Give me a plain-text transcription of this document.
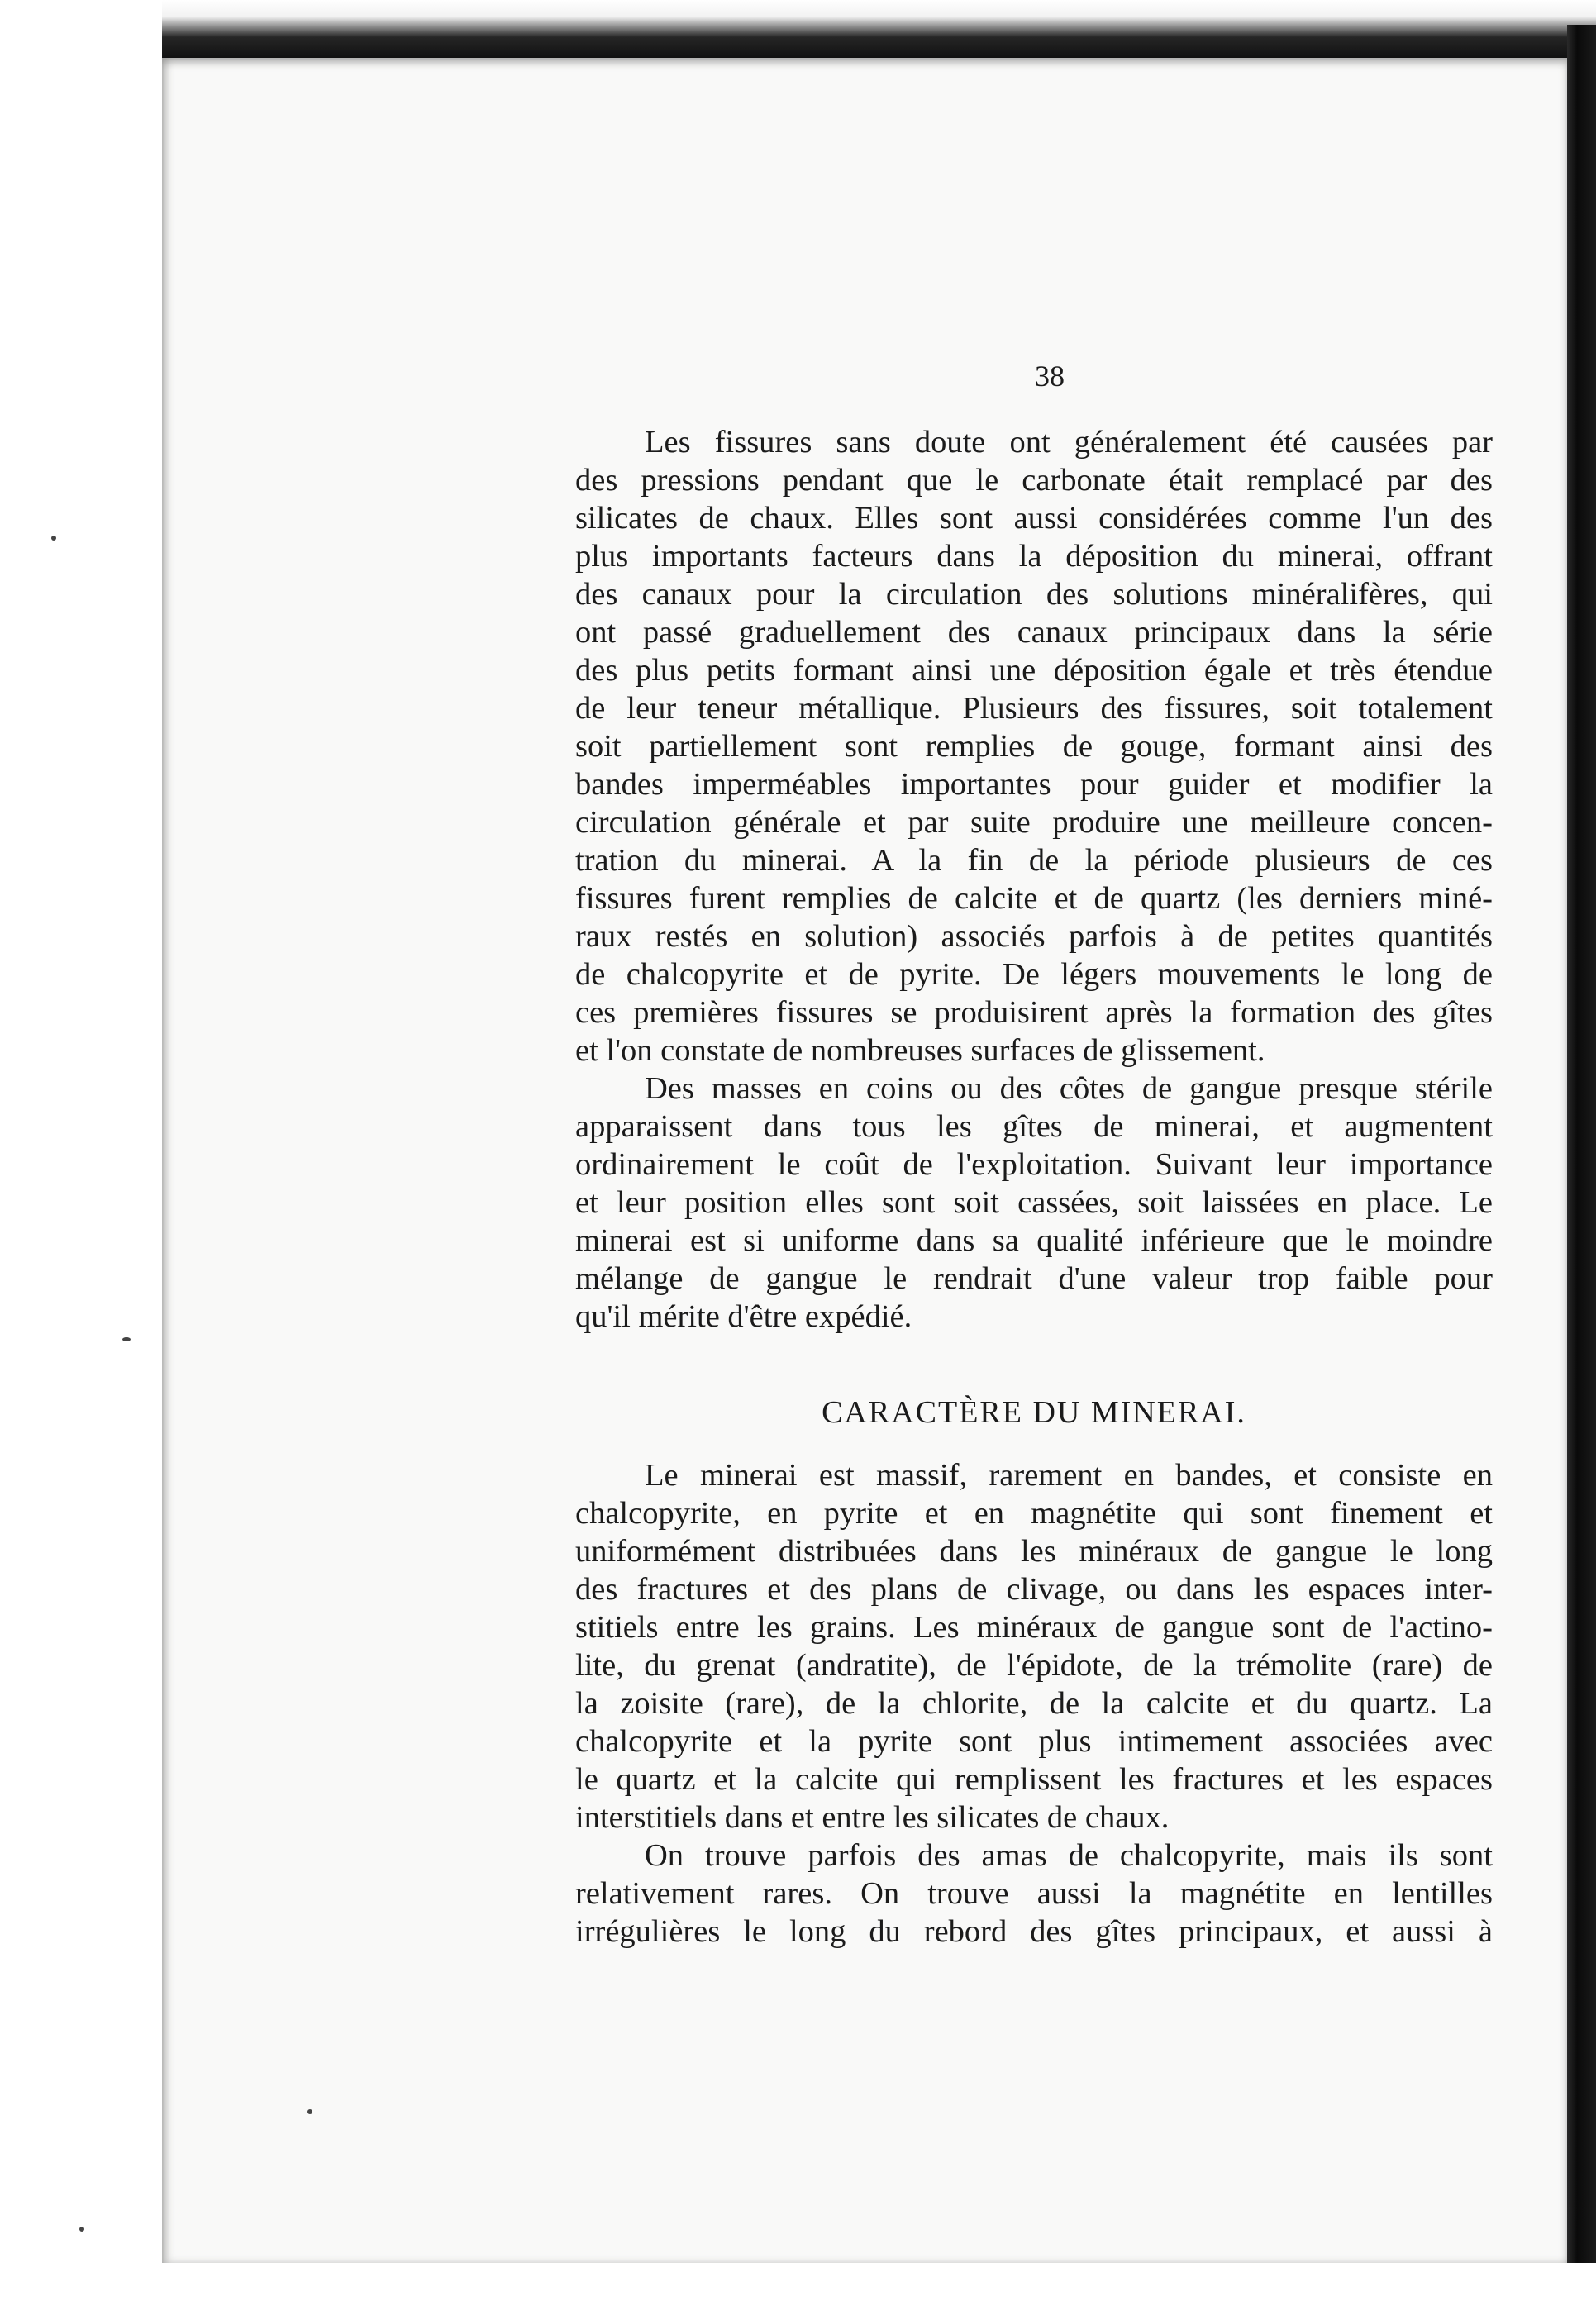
38
Les fissures sans doute ont généralement été causées par
des pressions pendant que le carbonate était remplacé par des
silicates de chaux. Elles sont aussi considérées comme l'un des
plus importants facteurs dans la déposition du minerai, offrant
des canaux pour la circulation des solutions minéralifères, qui
ont passé graduellement des canaux principaux dans la série
des plus petits formant ainsi une déposition égale et très étendue
de leur teneur métallique. Plusieurs des fissures, soit totalement
soit partiellement sont remplies de gouge, formant ainsi des
bandes imperméables importantes pour guider et modifier la
circulation générale et par suite produire une meilleure concen-
tration du minerai. A la fin de la période plusieurs de ces
fissures furent remplies de calcite et de quartz (les derniers miné-
raux restés en solution) associés parfois à de petites quantités
de chalcopyrite et de pyrite. De légers mouvements le long de
ces premières fissures se produisirent après la formation des gîtes
et l'on constate de nombreuses surfaces de glissement.
Des masses en coins ou des côtes de gangue presque stérile
apparaissent dans tous les gîtes de minerai, et augmentent
ordinairement le coût de l'exploitation. Suivant leur importance
et leur position elles sont soit cassées, soit laissées en place. Le
minerai est si uniforme dans sa qualité inférieure que le moindre
mélange de gangue le rendrait d'une valeur trop faible pour
qu'il mérite d'être expédié.
CARACTÈRE DU MINERAI.
Le minerai est massif, rarement en bandes, et consiste en
chalcopyrite, en pyrite et en magnétite qui sont finement et
uniformément distribuées dans les minéraux de gangue le long
des fractures et des plans de clivage, ou dans les espaces inter-
stitiels entre les grains. Les minéraux de gangue sont de l'actino-
lite, du grenat (andratite), de l'épidote, de la trémolite (rare) de
la zoisite (rare), de la chlorite, de la calcite et du quartz. La
chalcopyrite et la pyrite sont plus intimement associées avec
le quartz et la calcite qui remplissent les fractures et les espaces
interstitiels dans et entre les silicates de chaux.
On trouve parfois des amas de chalcopyrite, mais ils sont
relativement rares. On trouve aussi la magnétite en lentilles
irrégulières le long du rebord des gîtes principaux, et aussi à
